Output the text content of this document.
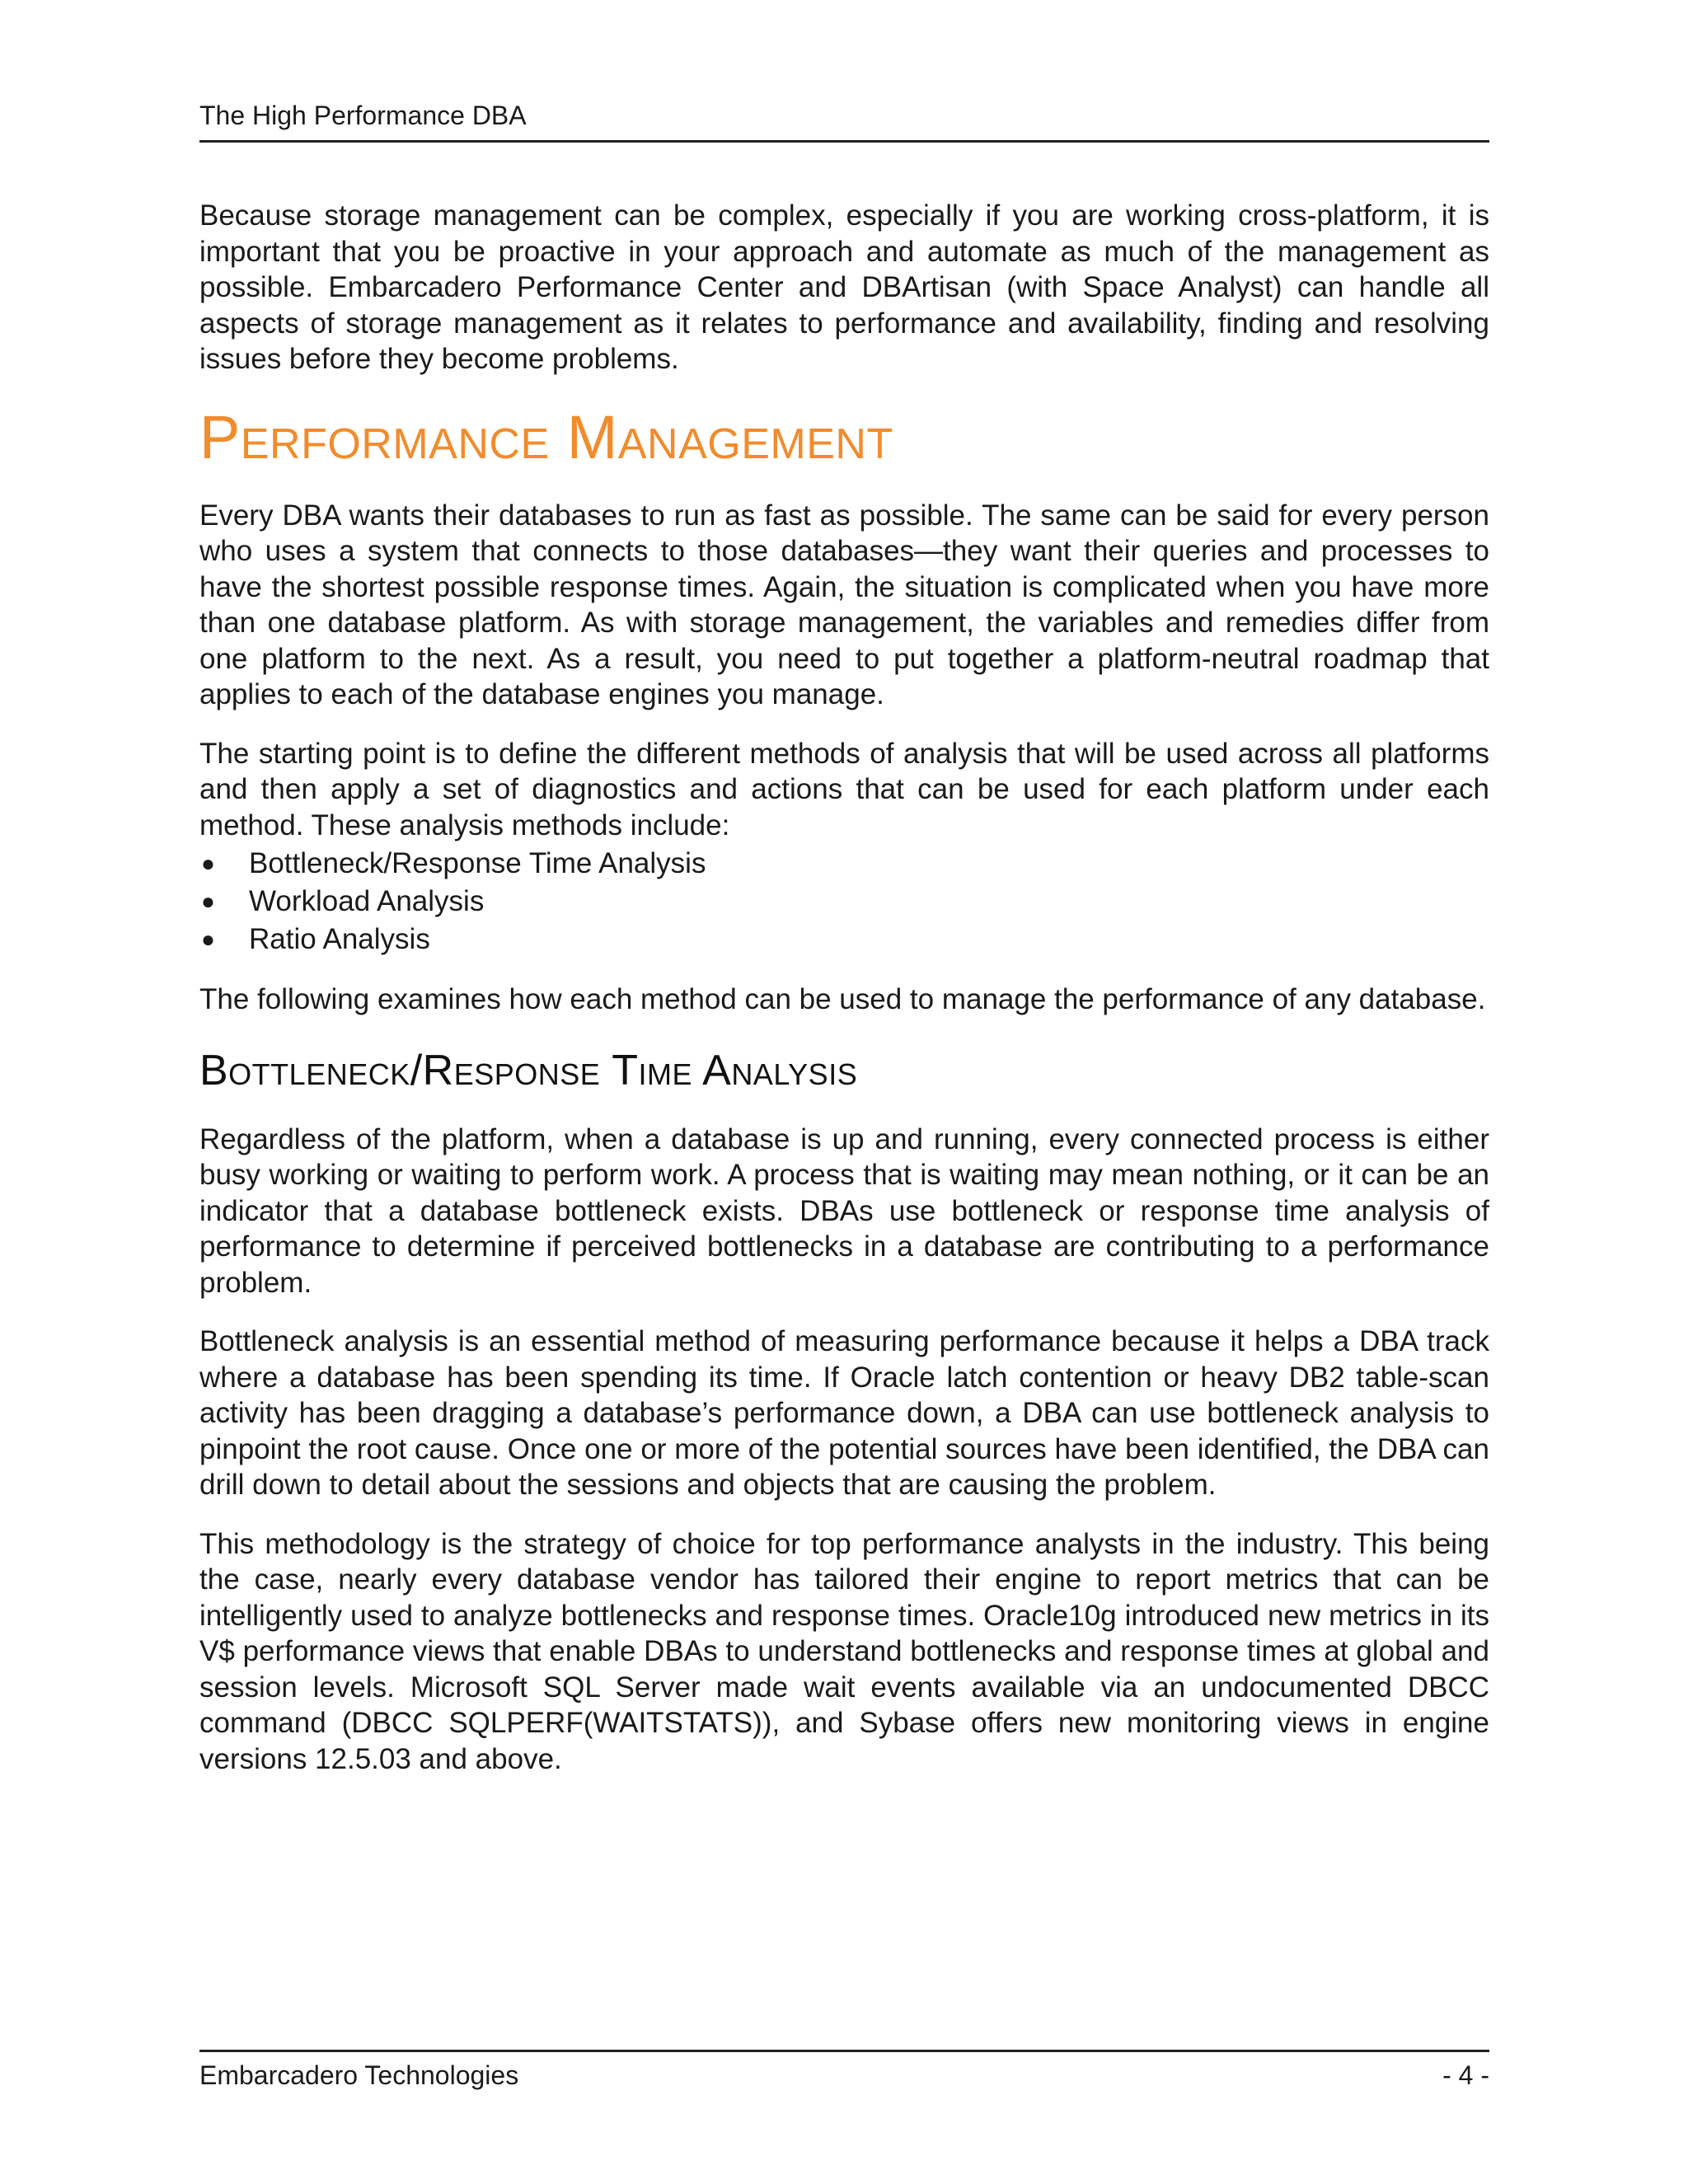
The High Performance DBA

Because storage management can be complex, especially if you are working cross-platform, it is important that you be proactive in your approach and automate as much of the management as possible. Embarcadero Performance Center and DBArtisan (with Space Analyst) can handle all aspects of storage management as it relates to performance and availability, finding and resolving issues before they become problems.

Performance Management

Every DBA wants their databases to run as fast as possible. The same can be said for every person who uses a system that connects to those databases—they want their queries and processes to have the shortest possible response times. Again, the situation is complicated when you have more than one database platform. As with storage management, the variables and remedies differ from one platform to the next. As a result, you need to put together a platform-neutral roadmap that applies to each of the database engines you manage.

The starting point is to define the different methods of analysis that will be used across all platforms and then apply a set of diagnostics and actions that can be used for each platform under each method. These analysis methods include:

● Bottleneck/Response Time Analysis
● Workload Analysis
● Ratio Analysis

The following examines how each method can be used to manage the performance of any database.

Bottleneck/Response Time Analysis

Regardless of the platform, when a database is up and running, every connected process is either busy working or waiting to perform work. A process that is waiting may mean nothing, or it can be an indicator that a database bottleneck exists. DBAs use bottleneck or response time analysis of performance to determine if perceived bottlenecks in a database are contributing to a performance problem.

Bottleneck analysis is an essential method of measuring performance because it helps a DBA track where a database has been spending its time. If Oracle latch contention or heavy DB2 table-scan activity has been dragging a database’s performance down, a DBA can use bottleneck analysis to pinpoint the root cause. Once one or more of the potential sources have been identified, the DBA can drill down to detail about the sessions and objects that are causing the problem.

This methodology is the strategy of choice for top performance analysts in the industry. This being the case, nearly every database vendor has tailored their engine to report metrics that can be intelligently used to analyze bottlenecks and response times. Oracle10g introduced new metrics in its V$ performance views that enable DBAs to understand bottlenecks and response times at global and session levels. Microsoft SQL Server made wait events available via an undocumented DBCC command (DBCC SQLPERF(WAITSTATS)), and Sybase offers new monitoring views in engine versions 12.5.03 and above.

Embarcadero Technologies	- 4 -
